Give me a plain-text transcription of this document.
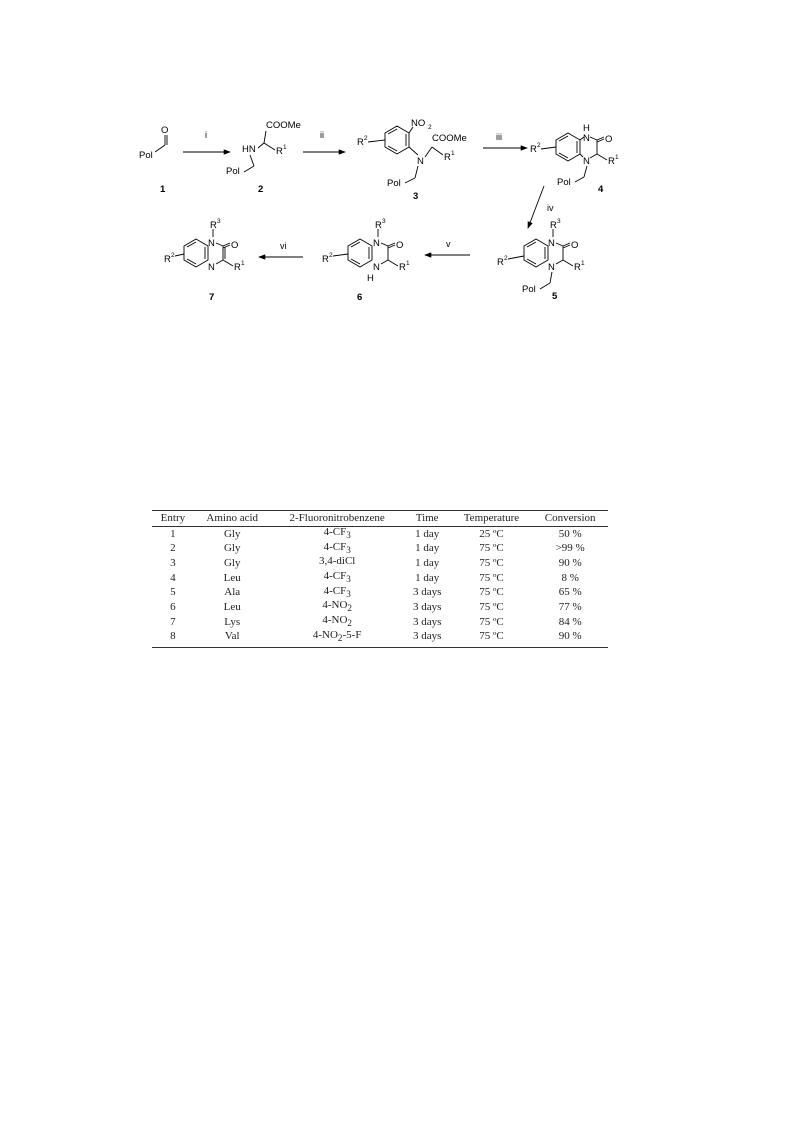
Pol
O
1
i
COOMe
HN R 1
Pol
2
ii
R 2
NO 2
N
COOMe
R 1
Pol
3
iii
R 2
H
N O
R 1
N
Pol
4
iv
R 2
N
R 3
O
R 1
N
Pol
5
v
R 2
N
R 3
O
R 1
N
H
6
vi
R 2
N
R 3
O
R 1
N
7
Entry	Amino acid	2-Fluoronitrobenzene	Time	Temperature	Conversion
1	Gly	$4-CF_3$	1 day	25 ºC	50 %
2	Gly	$4-CF_3$	1 day	75 ºC	>99 %
3	Gly	3,4-diCl	1 day	75 ºC	90 %
4	Leu	$4-CF_3$	1 day	75 ºC	8 %
5	Ala	$4-CF_3$	3 days	75 ºC	65 %
6	Leu	$4-NO_2$	3 days	75 ºC	77 %
7	Lys	$4-NO_2$	3 days	75 ºC	84 %
8	Val	$4-NO_2-5-F$	3 days	75 ºC	90 %
